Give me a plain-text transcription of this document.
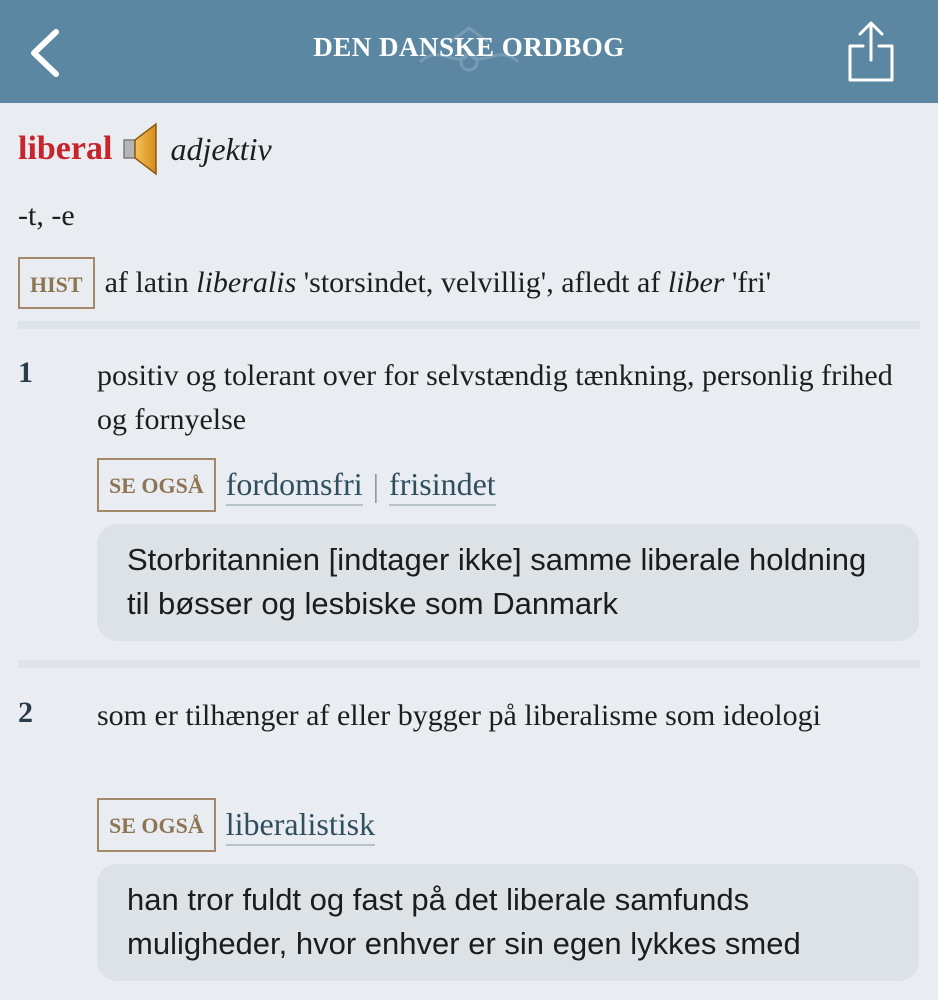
DEN DANSKE ORDBOG
liberal adjektiv
-t, -e
HIST af latin liberalis 'storsindet, velvillig', afledt af liber 'fri'
1 positiv og tolerant over for selvstændig tænkning, personlig frihed og fornyelse
SE OGSÅ fordomsfri | frisindet
Storbritannien [indtager ikke] samme liberale holdning til bøsser og lesbiske som Danmark
2 som er tilhænger af eller bygger på liberalisme som ideologi
SE OGSÅ liberalistisk
han tror fuldt og fast på det liberale samfunds muligheder, hvor enhver er sin egen lykkes smed
